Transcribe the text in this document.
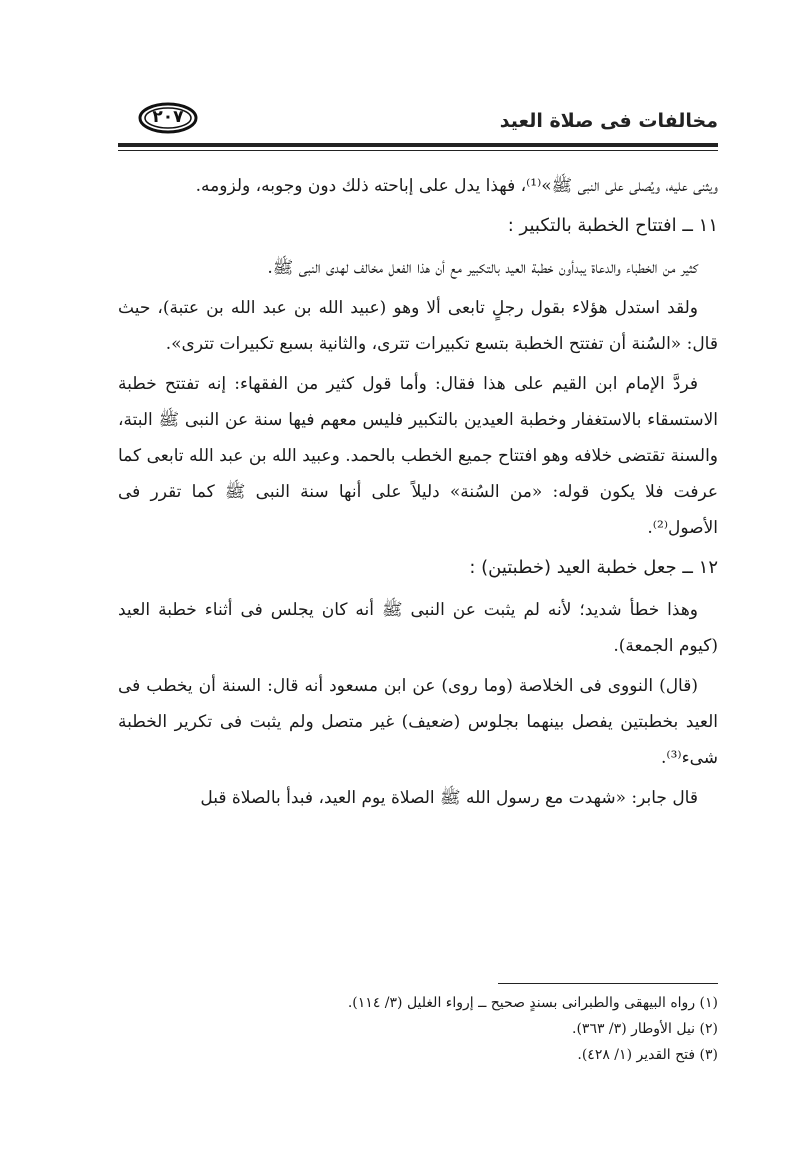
مخالفات فى صلاة العيد
٢٠٧

ويثنى عليه، ويُصلى على النبى ﷺ»⁽¹⁾، فهذا يدل على إباحته ذلك دون وجوبه، ولزومه.

١١ ــ افتتاح الخطبة بالتكبير :

كثير من الخطباء والدعاة يبدأون خطبة العيد بالتكبير مع أن هذا الفعل مخالف لهدى النبى ﷺ.

ولقد استدل هؤلاء بقول رجلٍ تابعى ألا وهو (عبيد الله بن عبد الله بن عتبة)، حيث قال: «السُنة أن تفتتح الخطبة بتسع تكبيرات تترى، والثانية بسبع تكبيرات تترى».

فردَّ الإمام ابن القيم على هذا فقال: وأما قول كثير من الفقهاء: إنه تفتتح خطبة الاستسقاء بالاستغفار وخطبة العيدين بالتكبير فليس معهم فيها سنة عن النبى ﷺ البتة، والسنة تقتضى خلافه وهو افتتاح جميع الخطب بالحمد. وعبيد الله بن عبد الله تابعى كما عرفت فلا يكون قوله: «من السُنة» دليلاً على أنها سنة النبى ﷺ كما تقرر فى الأصول⁽²⁾.

١٢ ــ جعل خطبة العيد (خطبتين) :

وهذا خطأ شديد؛ لأنه لم يثبت عن النبى ﷺ أنه كان يجلس فى أثناء خطبة العيد (كيوم الجمعة).

(قال) النووى فى الخلاصة (وما روى) عن ابن مسعود أنه قال: السنة أن يخطب فى العيد بخطبتين يفصل بينهما بجلوس (ضعيف) غير متصل ولم يثبت فى تكرير الخطبة شىء⁽³⁾.

قال جابر: «شهدت مع رسول الله ﷺ الصلاة يوم العيد، فبدأ بالصلاة قبل

(١) رواه البيهقى والطبرانى بسندٍ صحيح ــ إرواء الغليل (٣/ ١١٤).
(٢) نيل الأوطار (٣/ ٣٦٣).
(٣) فتح القدير (١/ ٤٢٨).
